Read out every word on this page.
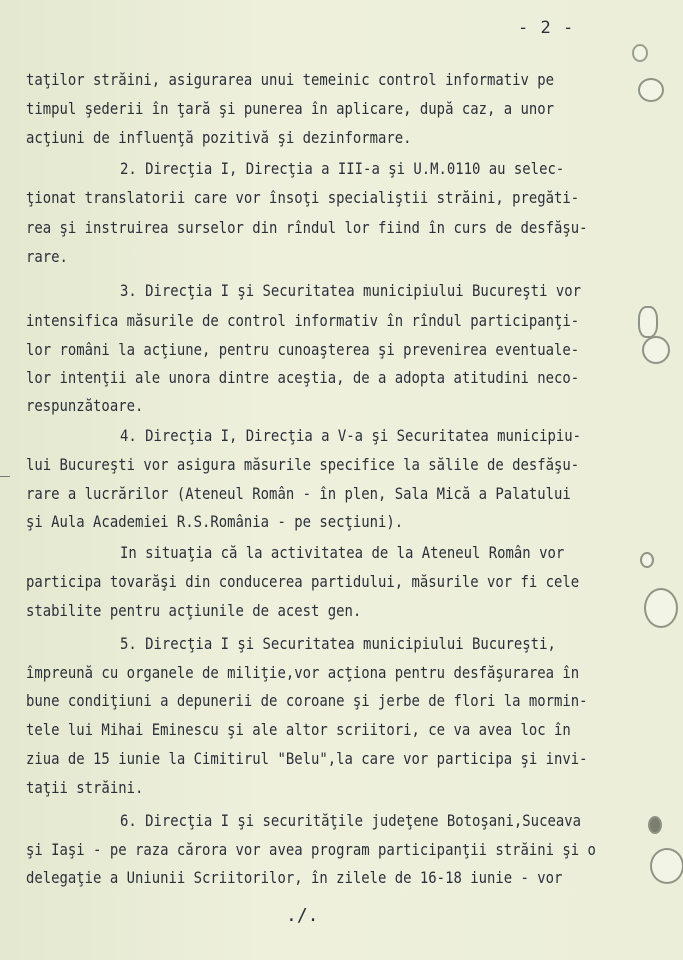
- 2 -
taţilor străini, asigurarea unui temeinic control informativ pe
timpul şederii în ţară şi punerea în aplicare, după caz, a unor
acţiuni de influenţă pozitivă şi dezinformare.
2. Direcţia I, Direcţia a III-a şi U.M.0110 au selec-
ţionat translatorii care vor însoţi specialiştii străini, pregăti-
rea şi instruirea surselor din rîndul lor fiind în curs de desfăşu-
rare.
3. Direcţia I şi Securitatea municipiului Bucureşti vor
intensifica măsurile de control informativ în rîndul participanţi-
lor români la acţiune, pentru cunoaşterea şi prevenirea eventuale-
lor intenţii ale unora dintre aceştia, de a adopta atitudini neco-
respunzătoare.
4. Direcţia I, Direcţia a V-a şi Securitatea municipiu-
lui Bucureşti vor asigura măsurile specifice la sălile de desfăşu-
rare a lucrărilor (Ateneul Român - în plen, Sala Mică a Palatului
şi Aula Academiei R.S.România - pe secţiuni).
In situaţia că la activitatea de la Ateneul Român vor
participa tovarăşi din conducerea partidului, măsurile vor fi cele
stabilite pentru acţiunile de acest gen.
5. Direcţia I şi Securitatea municipiului Bucureşti,
împreună cu organele de miliţie,vor acţiona pentru desfăşurarea în
bune condiţiuni a depunerii de coroane şi jerbe de flori la mormin-
tele lui Mihai Eminescu şi ale altor scriitori, ce va avea loc în
ziua de 15 iunie la Cimitirul "Belu",la care vor participa şi invi-
taţii străini.
6. Direcţia I şi securităţile judeţene Botoşani,Suceava
şi Iaşi - pe raza cărora vor avea program participanţii străini şi o
delegaţie a Uniunii Scriitorilor, în zilele de 16-18 iunie - vor
./.
